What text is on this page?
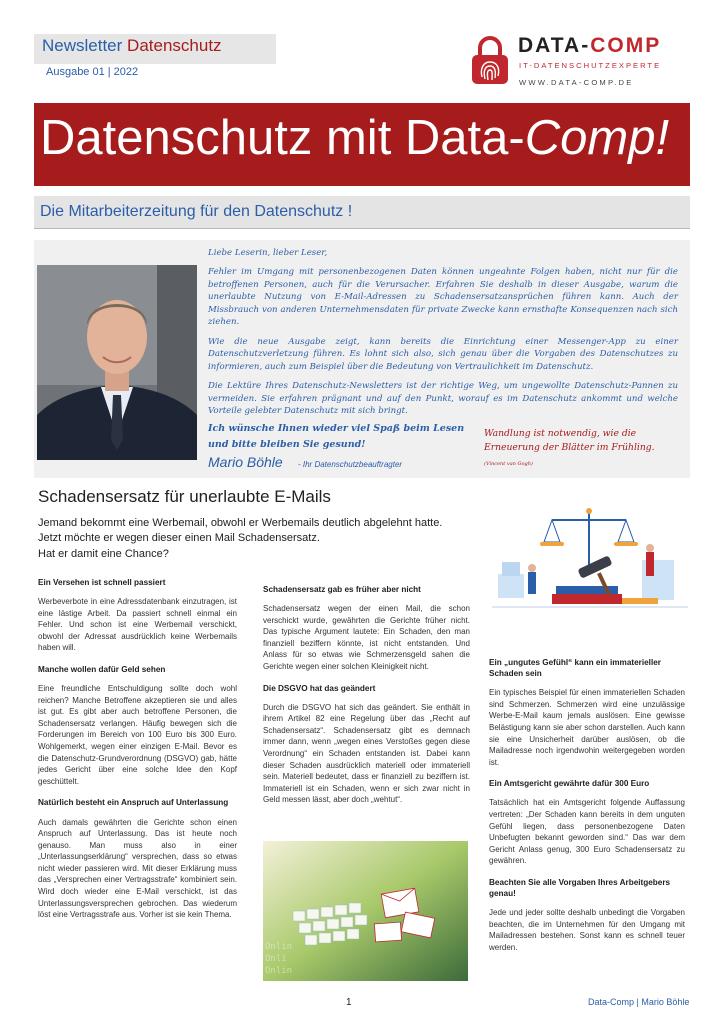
Newsletter Datenschutz
Ausgabe 01 | 2022
DATA-COMP
IT-DATENSCHUTZEXPERTE
WWW.DATA-COMP.DE
Datenschutz mit Data-Comp!
Die Mitarbeiterzeitung für den Datenschutz !

Liebe Leserin, lieber Leser,

Fehler im Umgang mit personenbezogenen Daten können ungeahnte Folgen haben, nicht nur für die betroffenen Personen, auch für die Verursacher. Erfahren Sie deshalb in dieser Ausgabe, warum die unerlaubte Nutzung von E-Mail-Adressen zu Schadensersatzansprüchen führen kann. Auch der Missbrauch von anderen Unternehmensdaten für private Zwecke kann ernsthafte Konsequenzen nach sich ziehen.

Wie die neue Ausgabe zeigt, kann bereits die Einrichtung einer Messenger-App zu einer Datenschutzverletzung führen. Es lohnt sich also, sich genau über die Vorgaben des Datenschutzes zu informieren, auch zum Beispiel über die Bedeutung von Vertraulichkeit im Datenschutz.

Die Lektüre Ihres Datenschutz-Newsletters ist der richtige Weg, um ungewollte Datenschutz-Pannen zu vermeiden. Sie erfahren prägnant und auf den Punkt, worauf es im Datenschutz ankommt und welche Vorteile gelebter Datenschutz mit sich bringt.

Ich wünsche Ihnen wieder viel Spaß beim Lesen
und bitte bleiben Sie gesund!
Mario Böhle - Ihr Datenschutzbeauftragter
Wandlung ist notwendig, wie die
Erneuerung der Blätter im Frühling.
(Vincent van Gogh)
Schadensersatz für unerlaubte E-Mails
Jemand bekommt eine Werbemail, obwohl er Werbemails deutlich abgelehnt hatte.
Jetzt möchte er wegen dieser einen Mail Schadensersatz.
Hat er damit eine Chance?
Ein Versehen ist schnell passiert

Werbeverbote in eine Adressdatenbank einzutragen, ist eine lästige Arbeit. Da passiert schnell einmal ein Fehler. Und schon ist eine Werbemail verschickt, obwohl der Adressat ausdrücklich keine Werbemails haben will.

Manche wollen dafür Geld sehen

Eine freundliche Entschuldigung sollte doch wohl reichen? Manche Betroffene akzeptieren sie und alles ist gut. Es gibt aber auch betroffene Personen, die Schadensersatz verlangen. Häufig bewegen sich die Forderungen im Bereich von 100 Euro bis 300 Euro. Wohlgemerkt, wegen einer einzigen E-Mail. Bevor es die Datenschutz-Grundverordnung (DSGVO) gab, hätte jedes Gericht über eine solche Idee den Kopf geschüttelt.

Natürlich besteht ein Anspruch auf Unterlassung

Auch damals gewährten die Gerichte schon einen Anspruch auf Unterlassung. Das ist heute noch genauso. Man muss also in einer „Unterlassungserklärung“ versprechen, dass so etwas nicht wieder passieren wird. Mit dieser Erklärung muss das „Versprechen einer Vertragsstrafe“ kombiniert sein. Wird doch wieder eine E-Mail verschickt, ist das Unterlassungsversprechen gebrochen. Das wiederum löst eine Vertragsstrafe aus. Vorher ist sie kein Thema.

Schadensersatz gab es früher aber nicht

Schadensersatz wegen der einen Mail, die schon verschickt wurde, gewährten die Gerichte früher nicht. Das typische Argument lautete: Ein Schaden, den man finanziell beziffern könnte, ist nicht entstanden. Und Anlass für so etwas wie Schmerzensgeld sahen die Gerichte wegen einer solchen Kleinigkeit nicht.

Die DSGVO hat das geändert

Durch die DSGVO hat sich das geändert. Sie enthält in ihrem Artikel 82 eine Regelung über das „Recht auf Schadensersatz“. Schadensersatz gibt es demnach immer dann, wenn „wegen eines Verstoßes gegen diese Verordnung“ ein Schaden entstanden ist. Dabei kann dieser Schaden ausdrücklich materiell oder immateriell sein. Materiell bedeutet, dass er finanziell zu beziffern ist. Immateriell ist ein Schaden, wenn er sich zwar nicht in Geld messen lässt, aber doch „wehtut“.

Onli
Onlin
Onlin
Ein „ungutes Gefühl“ kann ein immaterieller Schaden sein

Ein typisches Beispiel für einen immateriellen Schaden sind Schmerzen. Schmerzen wird eine unzulässige Werbe-E-Mail kaum jemals auslösen. Eine gewisse Belästigung kann sie aber schon darstellen. Auch kann sie eine Unsicherheit darüber auslösen, ob die Mailadresse noch irgendwohin weitergegeben worden ist.

Ein Amtsgericht gewährte dafür 300 Euro

Tatsächlich hat ein Amtsgericht folgende Auffassung vertreten: „Der Schaden kann bereits in dem unguten Gefühl liegen, dass personenbezogene Daten Unbefugten bekannt geworden sind.“ Das war dem Gericht Anlass genug, 300 Euro Schadensersatz zu gewähren.

Beachten Sie alle Vorgaben Ihres Arbeitgebers genau!

Jede und jeder sollte deshalb unbedingt die Vorgaben beachten, die im Unternehmen für den Umgang mit Mailadressen bestehen. Sonst kann es schnell teuer werden.

1	Data-Comp | Mario Böhle
